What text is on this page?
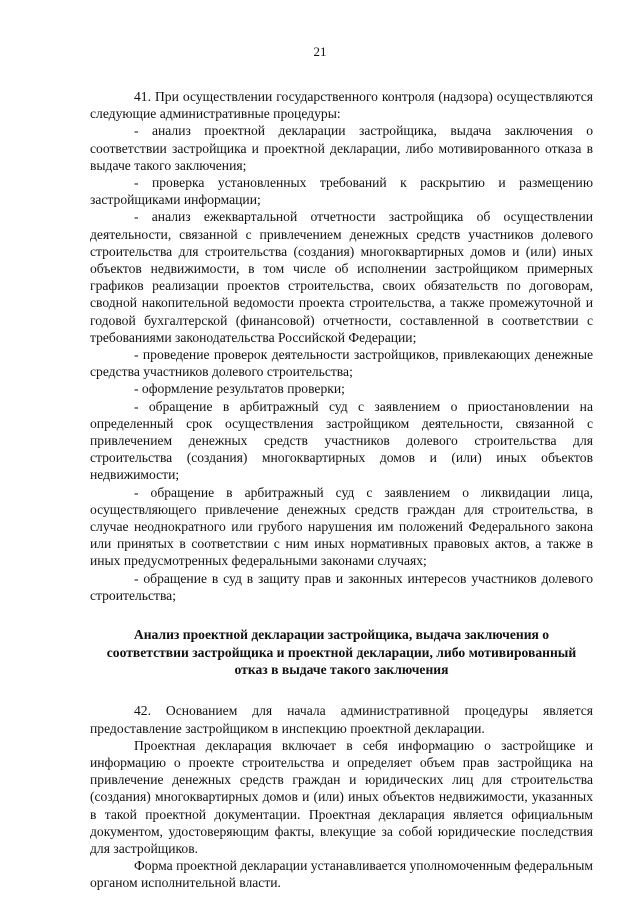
21

41. При осуществлении государственного контроля (надзора) осуществляются следующие административные процедуры:

- анализ проектной декларации застройщика, выдача заключения о соответствии застройщика и проектной декларации, либо мотивированного отказа в выдаче такого заключения;

- проверка установленных требований к раскрытию и размещению застройщиками информации;

- анализ ежеквартальной отчетности застройщика об осуществлении деятельности, связанной с привлечением денежных средств участников долевого строительства для строительства (создания) многоквартирных домов и (или) иных объектов недвижимости, в том числе об исполнении застройщиком примерных графиков реализации проектов строительства, своих обязательств по договорам, сводной накопительной ведомости проекта строительства, а также промежуточной и годовой бухгалтерской (финансовой) отчетности, составленной в соответствии с требованиями законодательства Российской Федерации;

- проведение проверок деятельности застройщиков, привлекающих денежные средства участников долевого строительства;

- оформление результатов проверки;

- обращение в арбитражный суд с заявлением о приостановлении на определенный срок осуществления застройщиком деятельности, связанной с привлечением денежных средств участников долевого строительства для строительства (создания) многоквартирных домов и (или) иных объектов недвижимости;

- обращение в арбитражный суд с заявлением о ликвидации лица, осуществляющего привлечение денежных средств граждан для строительства, в случае неоднократного или грубого нарушения им положений Федерального закона или принятых в соответствии с ним иных нормативных правовых актов, а также в иных предусмотренных федеральными законами случаях;

- обращение в суд в защиту прав и законных интересов участников долевого строительства;

Анализ проектной декларации застройщика, выдача заключения о соответствии застройщика и проектной декларации, либо мотивированный отказ в выдаче такого заключения

42. Основанием для начала административной процедуры является предоставление застройщиком в инспекцию проектной декларации.

Проектная декларация включает в себя информацию о застройщике и информацию о проекте строительства и определяет объем прав застройщика на привлечение денежных средств граждан и юридических лиц для строительства (создания) многоквартирных домов и (или) иных объектов недвижимости, указанных в такой проектной документации. Проектная декларация является официальным документом, удостоверяющим факты, влекущие за собой юридические последствия для застройщиков.

Форма проектной декларации устанавливается уполномоченным федеральным органом исполнительной власти.
